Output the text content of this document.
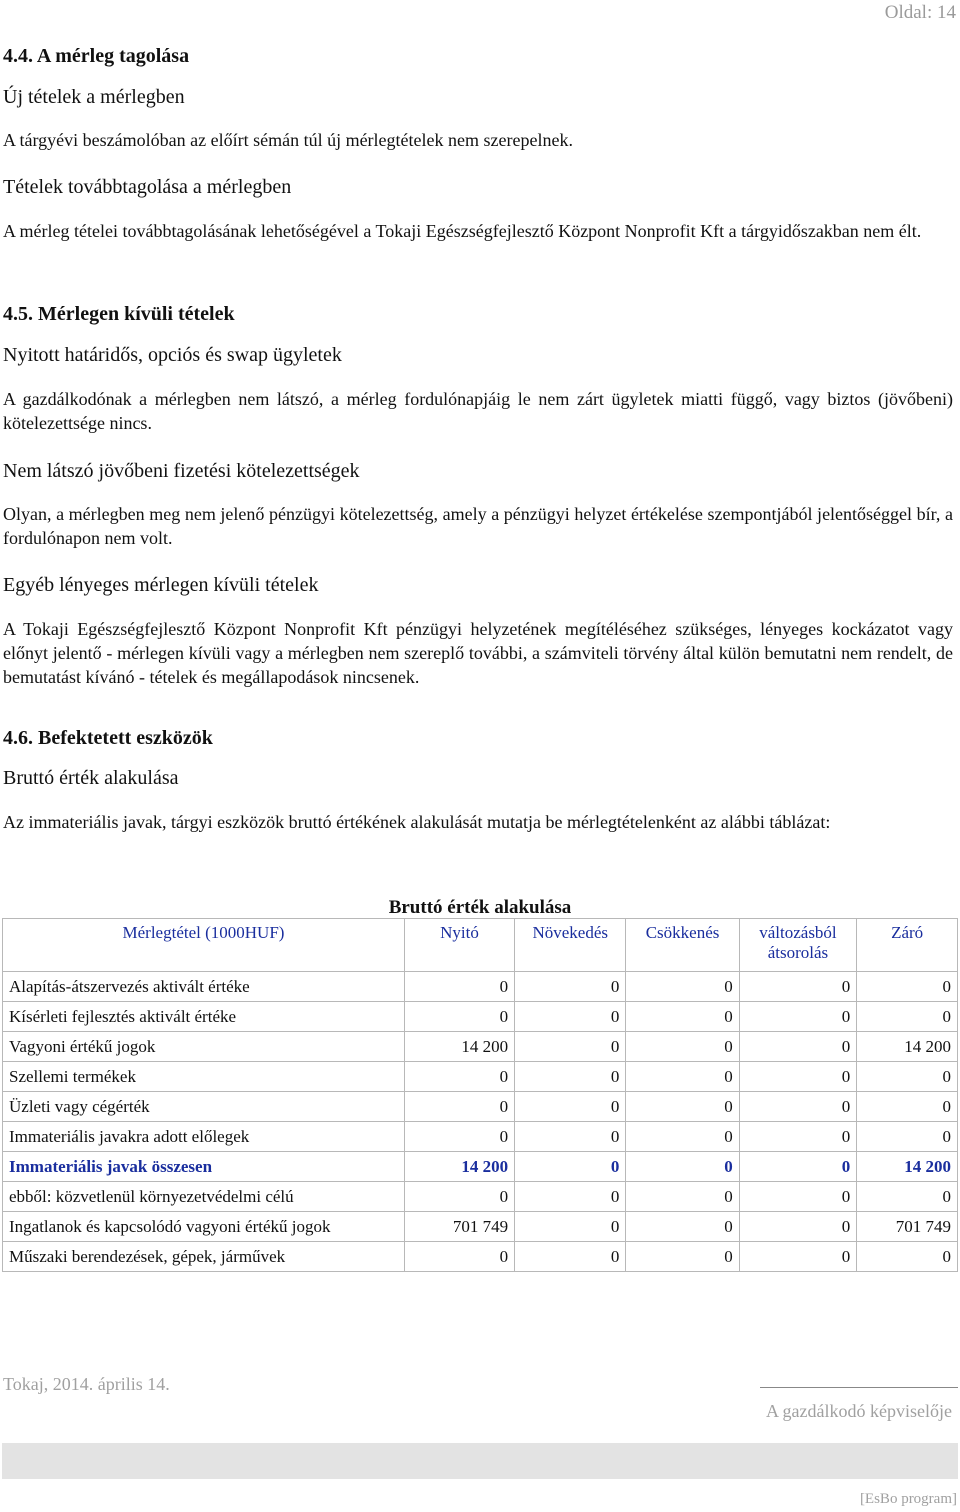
Oldal: 14
4.4. A mérleg tagolása
Új tételek a mérlegben
A tárgyévi beszámolóban az előírt sémán túl új mérlegtételek nem szerepelnek.
Tételek továbbtagolása a mérlegben
A mérleg tételei továbbtagolásának lehetőségével a Tokaji Egészségfejlesztő Központ Nonprofit Kft a tárgyidőszakban nem élt.
4.5. Mérlegen kívüli tételek
Nyitott határidős, opciós és swap ügyletek
A gazdálkodónak a mérlegben nem látszó, a mérleg fordulónapjáig le nem zárt ügyletek miatti függő, vagy biztos (jövőbeni) kötelezettsége nincs.
Nem látszó jövőbeni fizetési kötelezettségek
Olyan, a mérlegben meg nem jelenő pénzügyi kötelezettség, amely a pénzügyi helyzet értékelése szempontjából jelentőséggel bír, a fordulónapon nem volt.
Egyéb lényeges mérlegen kívüli tételek
A Tokaji Egészségfejlesztő Központ Nonprofit Kft pénzügyi helyzetének megítéléséhez szükséges, lényeges kockázatot vagy előnyt jelentő - mérlegen kívüli vagy a mérlegben nem szereplő további, a számviteli törvény által külön bemutatni nem rendelt, de bemutatást kívánó - tételek és megállapodások nincsenek.
4.6. Befektetett eszközök
Bruttó érték alakulása
Az immateriális javak, tárgyi eszközök bruttó értékének alakulását mutatja be mérlegtételenként az alábbi táblázat:
Bruttó érték alakulása
Mérlegtétel (1000HUF)	Nyitó	Növekedés	Csökkenés	változásból átsorolás	Záró
Alapítás-átszervezés aktivált értéke	0	0	0	0	0
Kísérleti fejlesztés aktivált értéke	0	0	0	0	0
Vagyoni értékű jogok	14 200	0	0	0	14 200
Szellemi termékek	0	0	0	0	0
Üzleti vagy cégérték	0	0	0	0	0
Immateriális javakra adott előlegek	0	0	0	0	0
Immateriális javak összesen	14 200	0	0	0	14 200
ebből: közvetlenül környezetvédelmi célú	0	0	0	0	0
Ingatlanok és kapcsolódó vagyoni értékű jogok	701 749	0	0	0	701 749
Műszaki berendezések, gépek, járművek	0	0	0	0	0
Tokaj, 2014. április 14.
A gazdálkodó képviselője
[EsBo program]
